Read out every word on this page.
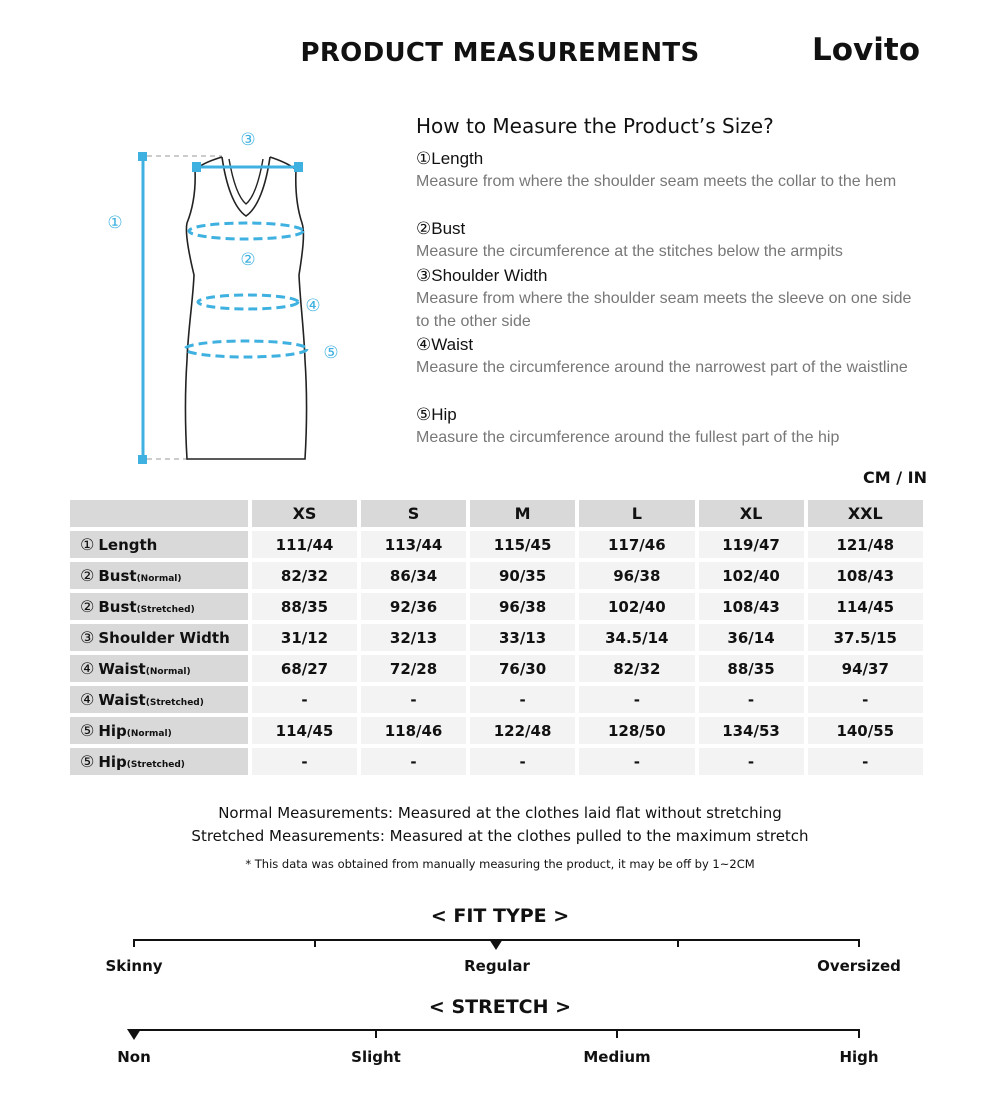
PRODUCT MEASUREMENTS	Lovito
①
②
③
④
⑤
How to Measure the Product’s Size?
①Length
Measure from where the shoulder seam meets the collar to the hem
②Bust
Measure the circumference at the stitches below the armpits
③Shoulder Width
Measure from where the shoulder seam meets the sleeve on one side to the other side
④Waist
Measure the circumference around the narrowest part of the waistline
⑤Hip
Measure the circumference around the fullest part of the hip
CM / IN
	XS	S	M	L	XL	XXL
① Length	111/44	113/44	115/45	117/46	119/47	121/48
② Bust(Normal)	82/32	86/34	90/35	96/38	102/40	108/43
② Bust(Stretched)	88/35	92/36	96/38	102/40	108/43	114/45
③ Shoulder Width	31/12	32/13	33/13	34.5/14	36/14	37.5/15
④ Waist(Normal)	68/27	72/28	76/30	82/32	88/35	94/37
④ Waist(Stretched)	-	-	-	-	-	-
⑤ Hip(Normal)	114/45	118/46	122/48	128/50	134/53	140/55
⑤ Hip(Stretched)	-	-	-	-	-	-
Normal Measurements: Measured at the clothes laid flat without stretching
Stretched Measurements: Measured at the clothes pulled to the maximum stretch
* This data was obtained from manually measuring the product, it may be off by 1~2CM
< FIT TYPE >
Skinny	Regular	Oversized
< STRETCH >
Non	Slight	Medium	High
